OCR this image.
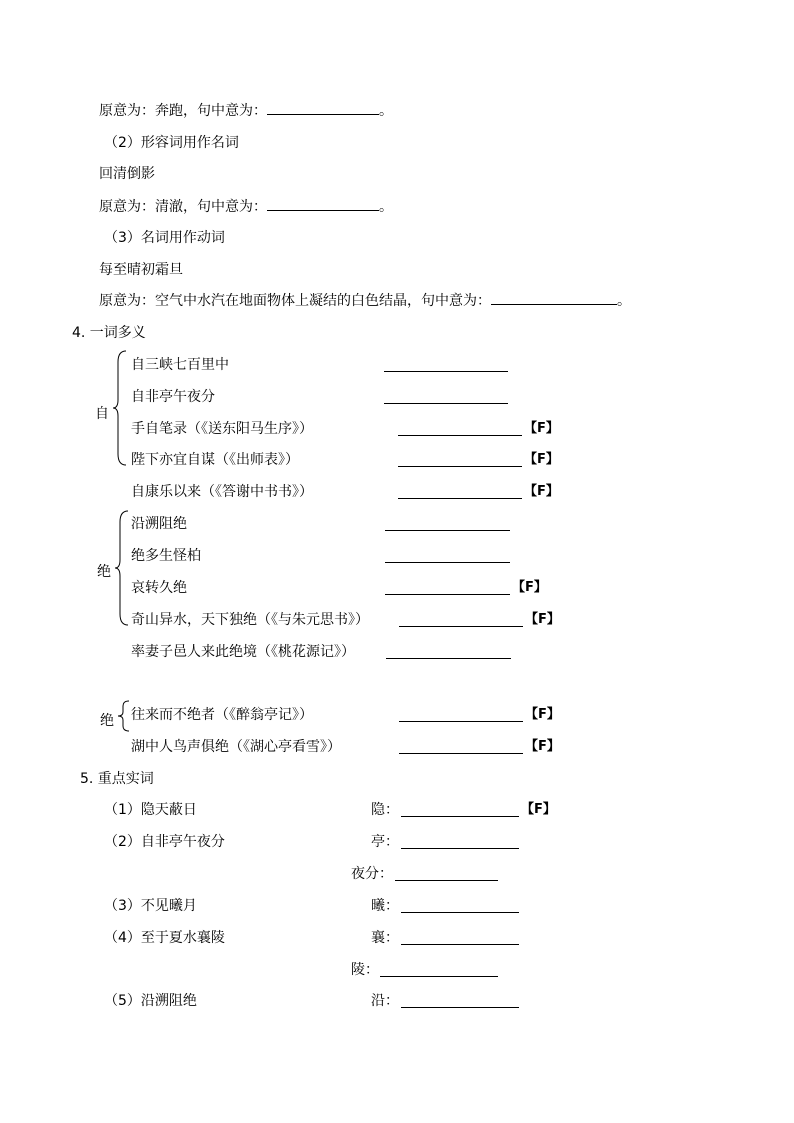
原意为：奔跑，句中意为：	。
（2）形容词用作名词
回清倒影
原意为：清澈，句中意为：	。
（3）名词用作动词
每至晴初霜旦
原意为：空气中水汽在地面物体上凝结的白色结晶，句中意为：	。
4. 一词多义
自
自三峡七百里中
自非亭午夜分
手自笔录（《送东阳马生序》）	【F】
陛下亦宜自谋（《出师表》）	【F】
自康乐以来（《答谢中书书》）	【F】
绝
沿溯阻绝
绝多生怪柏
哀转久绝	【F】
奇山异水，天下独绝（《与朱元思书》）	【F】
率妻子邑人来此绝境（《桃花源记》）
绝 往来而不绝者（《醉翁亭记》）	【F】
湖中人鸟声俱绝（《湖心亭看雪》）	【F】
5. 重点实词
（1）隐天蔽日	隐：	【F】
（2）自非亭午夜分	亭：
夜分：
（3）不见曦月	曦：
（4）至于夏水襄陵	襄：
陵：
（5）沿溯阻绝	沿：
